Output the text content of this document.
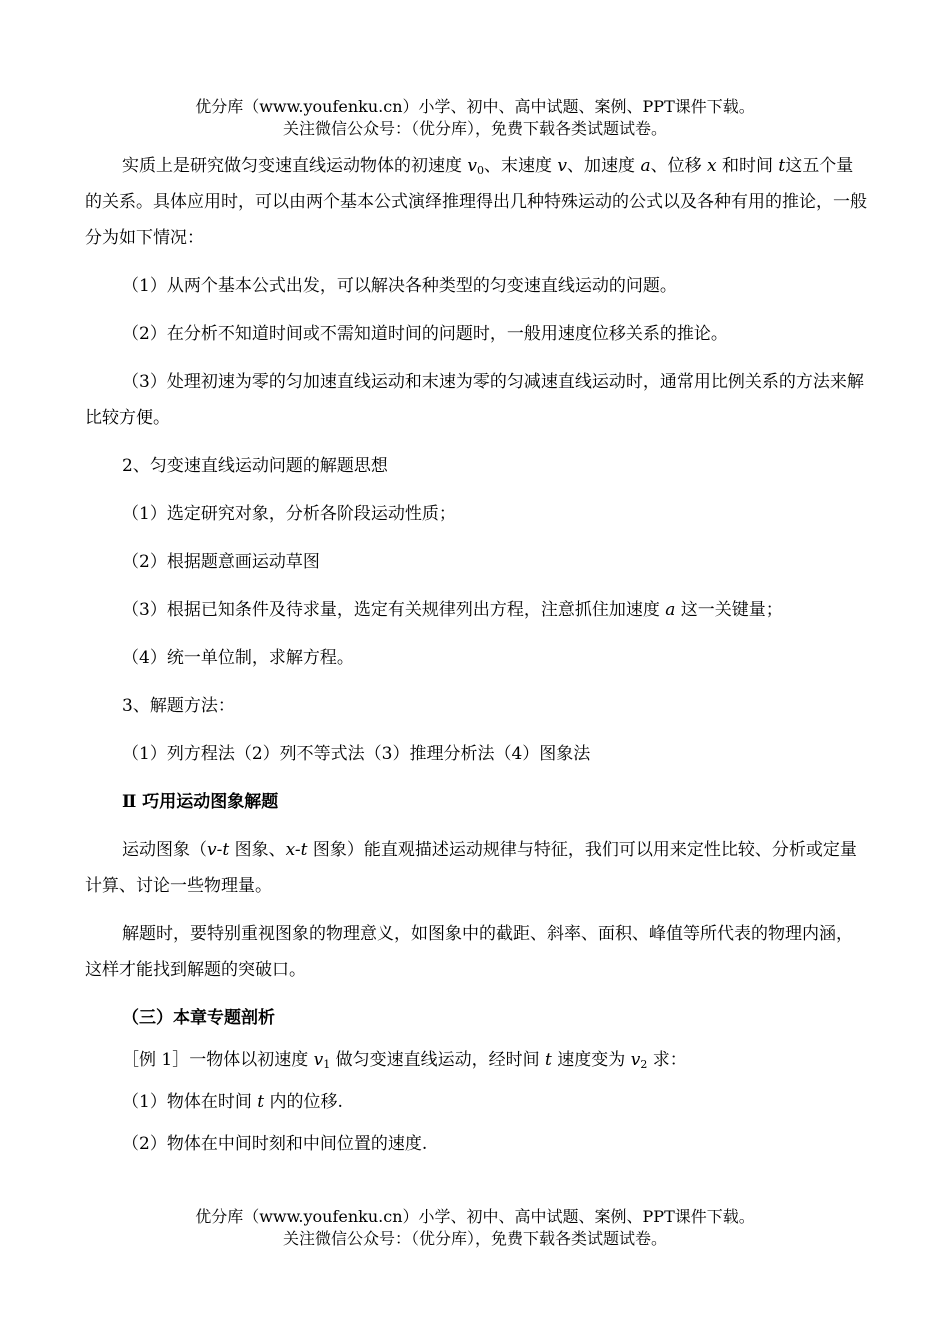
优分库（www.youfenku.cn）小学、初中、高中试题、案例、PPT课件下载。
关注微信公众号：（优分库），免费下载各类试题试卷。

实质上是研究做匀变速直线运动物体的初速度 $v_0$、末速度 v、加速度 a、位移 x 和时间 t这五个量的关系。具体应用时，可以由两个基本公式演绎推理得出几种特殊运动的公式以及各种有用的推论，一般分为如下情况：

（1）从两个基本公式出发，可以解决各种类型的匀变速直线运动的问题。

（2）在分析不知道时间或不需知道时间的问题时，一般用速度位移关系的推论。

（3）处理初速为零的匀加速直线运动和末速为零的匀减速直线运动时，通常用比例关系的方法来解比较方便。

2、匀变速直线运动问题的解题思想

（1）选定研究对象，分析各阶段运动性质；

（2）根据题意画运动草图

（3）根据已知条件及待求量，选定有关规律列出方程，注意抓住加速度 a 这一关键量；

（4）统一单位制，求解方程。

3、解题方法：

（1）列方程法（2）列不等式法（3）推理分析法（4）图象法

Ⅱ 巧用运动图象解题

运动图象（v-t 图象、x-t 图象）能直观描述运动规律与特征，我们可以用来定性比较、分析或定量计算、讨论一些物理量。

解题时，要特别重视图象的物理意义，如图象中的截距、斜率、面积、峰值等所代表的物理内涵，这样才能找到解题的突破口。

（三）本章专题剖析

［例 1］一物体以初速度 $v_1$ 做匀变速直线运动，经时间 t 速度变为 $v_2$ 求：

（1）物体在时间 t 内的位移.

（2）物体在中间时刻和中间位置的速度.

优分库（www.youfenku.cn）小学、初中、高中试题、案例、PPT课件下载。
关注微信公众号：（优分库），免费下载各类试题试卷。
